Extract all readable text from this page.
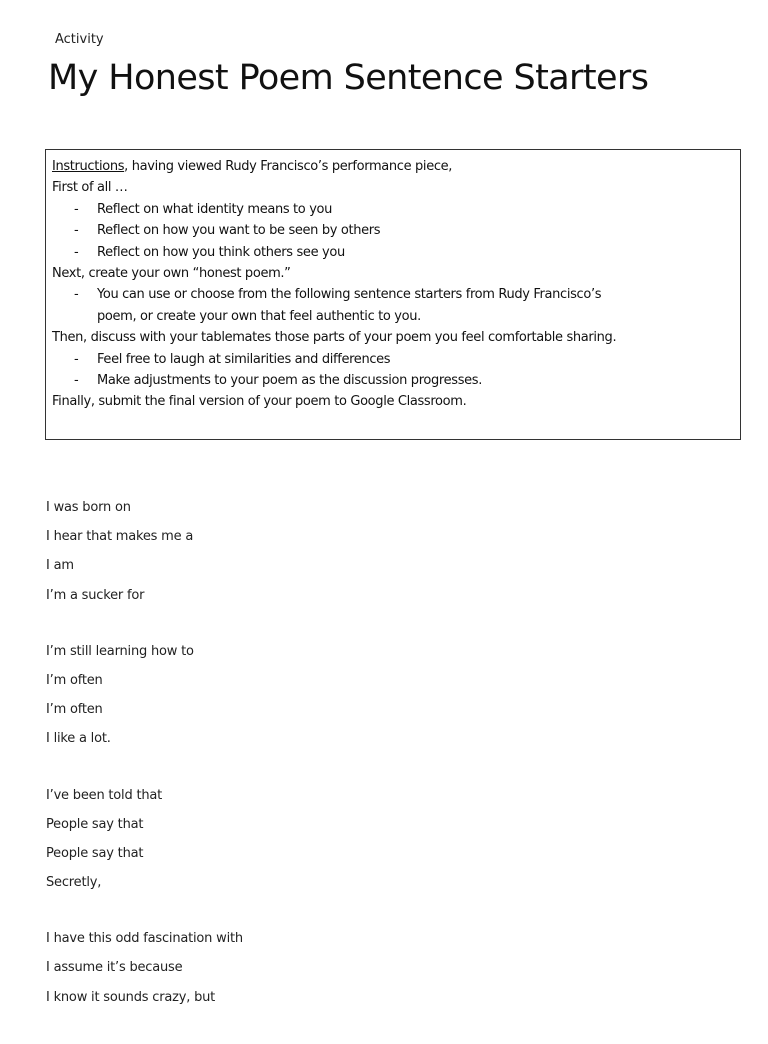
Activity
My Honest Poem Sentence Starters
Instructions, having viewed Rudy Francisco’s performance piece,
First of all …
- Reflect on what identity means to you
- Reflect on how you want to be seen by others
- Reflect on how you think others see you
Next, create your own “honest poem.”
- You can use or choose from the following sentence starters from Rudy Francisco’s
poem, or create your own that feel authentic to you.
Then, discuss with your tablemates those parts of your poem you feel comfortable sharing.
- Feel free to laugh at similarities and differences
- Make adjustments to your poem as the discussion progresses.
Finally, submit the final version of your poem to Google Classroom.
I was born on
I hear that makes me a
I am
I’m a sucker for
I’m still learning how to
I’m often
I’m often
I like a lot.
I’ve been told that
People say that
People say that
Secretly,
I have this odd fascination with
I assume it’s because
I know it sounds crazy, but
